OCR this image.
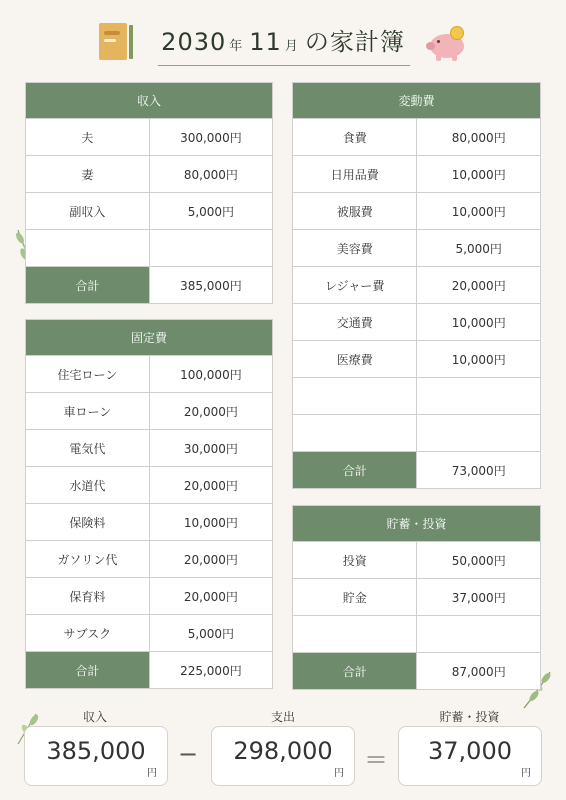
2030 年 11 月 の家計簿
収入	
夫	300,000円
妻	80,000円
副収入	5,000円

合計	385,000円
固定費	
住宅ローン	100,000円
車ローン	20,000円
電気代	30,000円
水道代	20,000円
保険料	10,000円
ガソリン代	20,000円
保育料	20,000円
サブスク	5,000円
合計	225,000円
変動費	
食費	80,000円
日用品費	10,000円
被服費	10,000円
美容費	5,000円
レジャー費	20,000円
交通費	10,000円
医療費	10,000円

合計	73,000円
貯蓄・投資	
投資	50,000円
貯金	37,000円

合計	87,000円
収入	支出	貯蓄・投資
385,000
円
−	298,000
円 ＝	37,000
円
